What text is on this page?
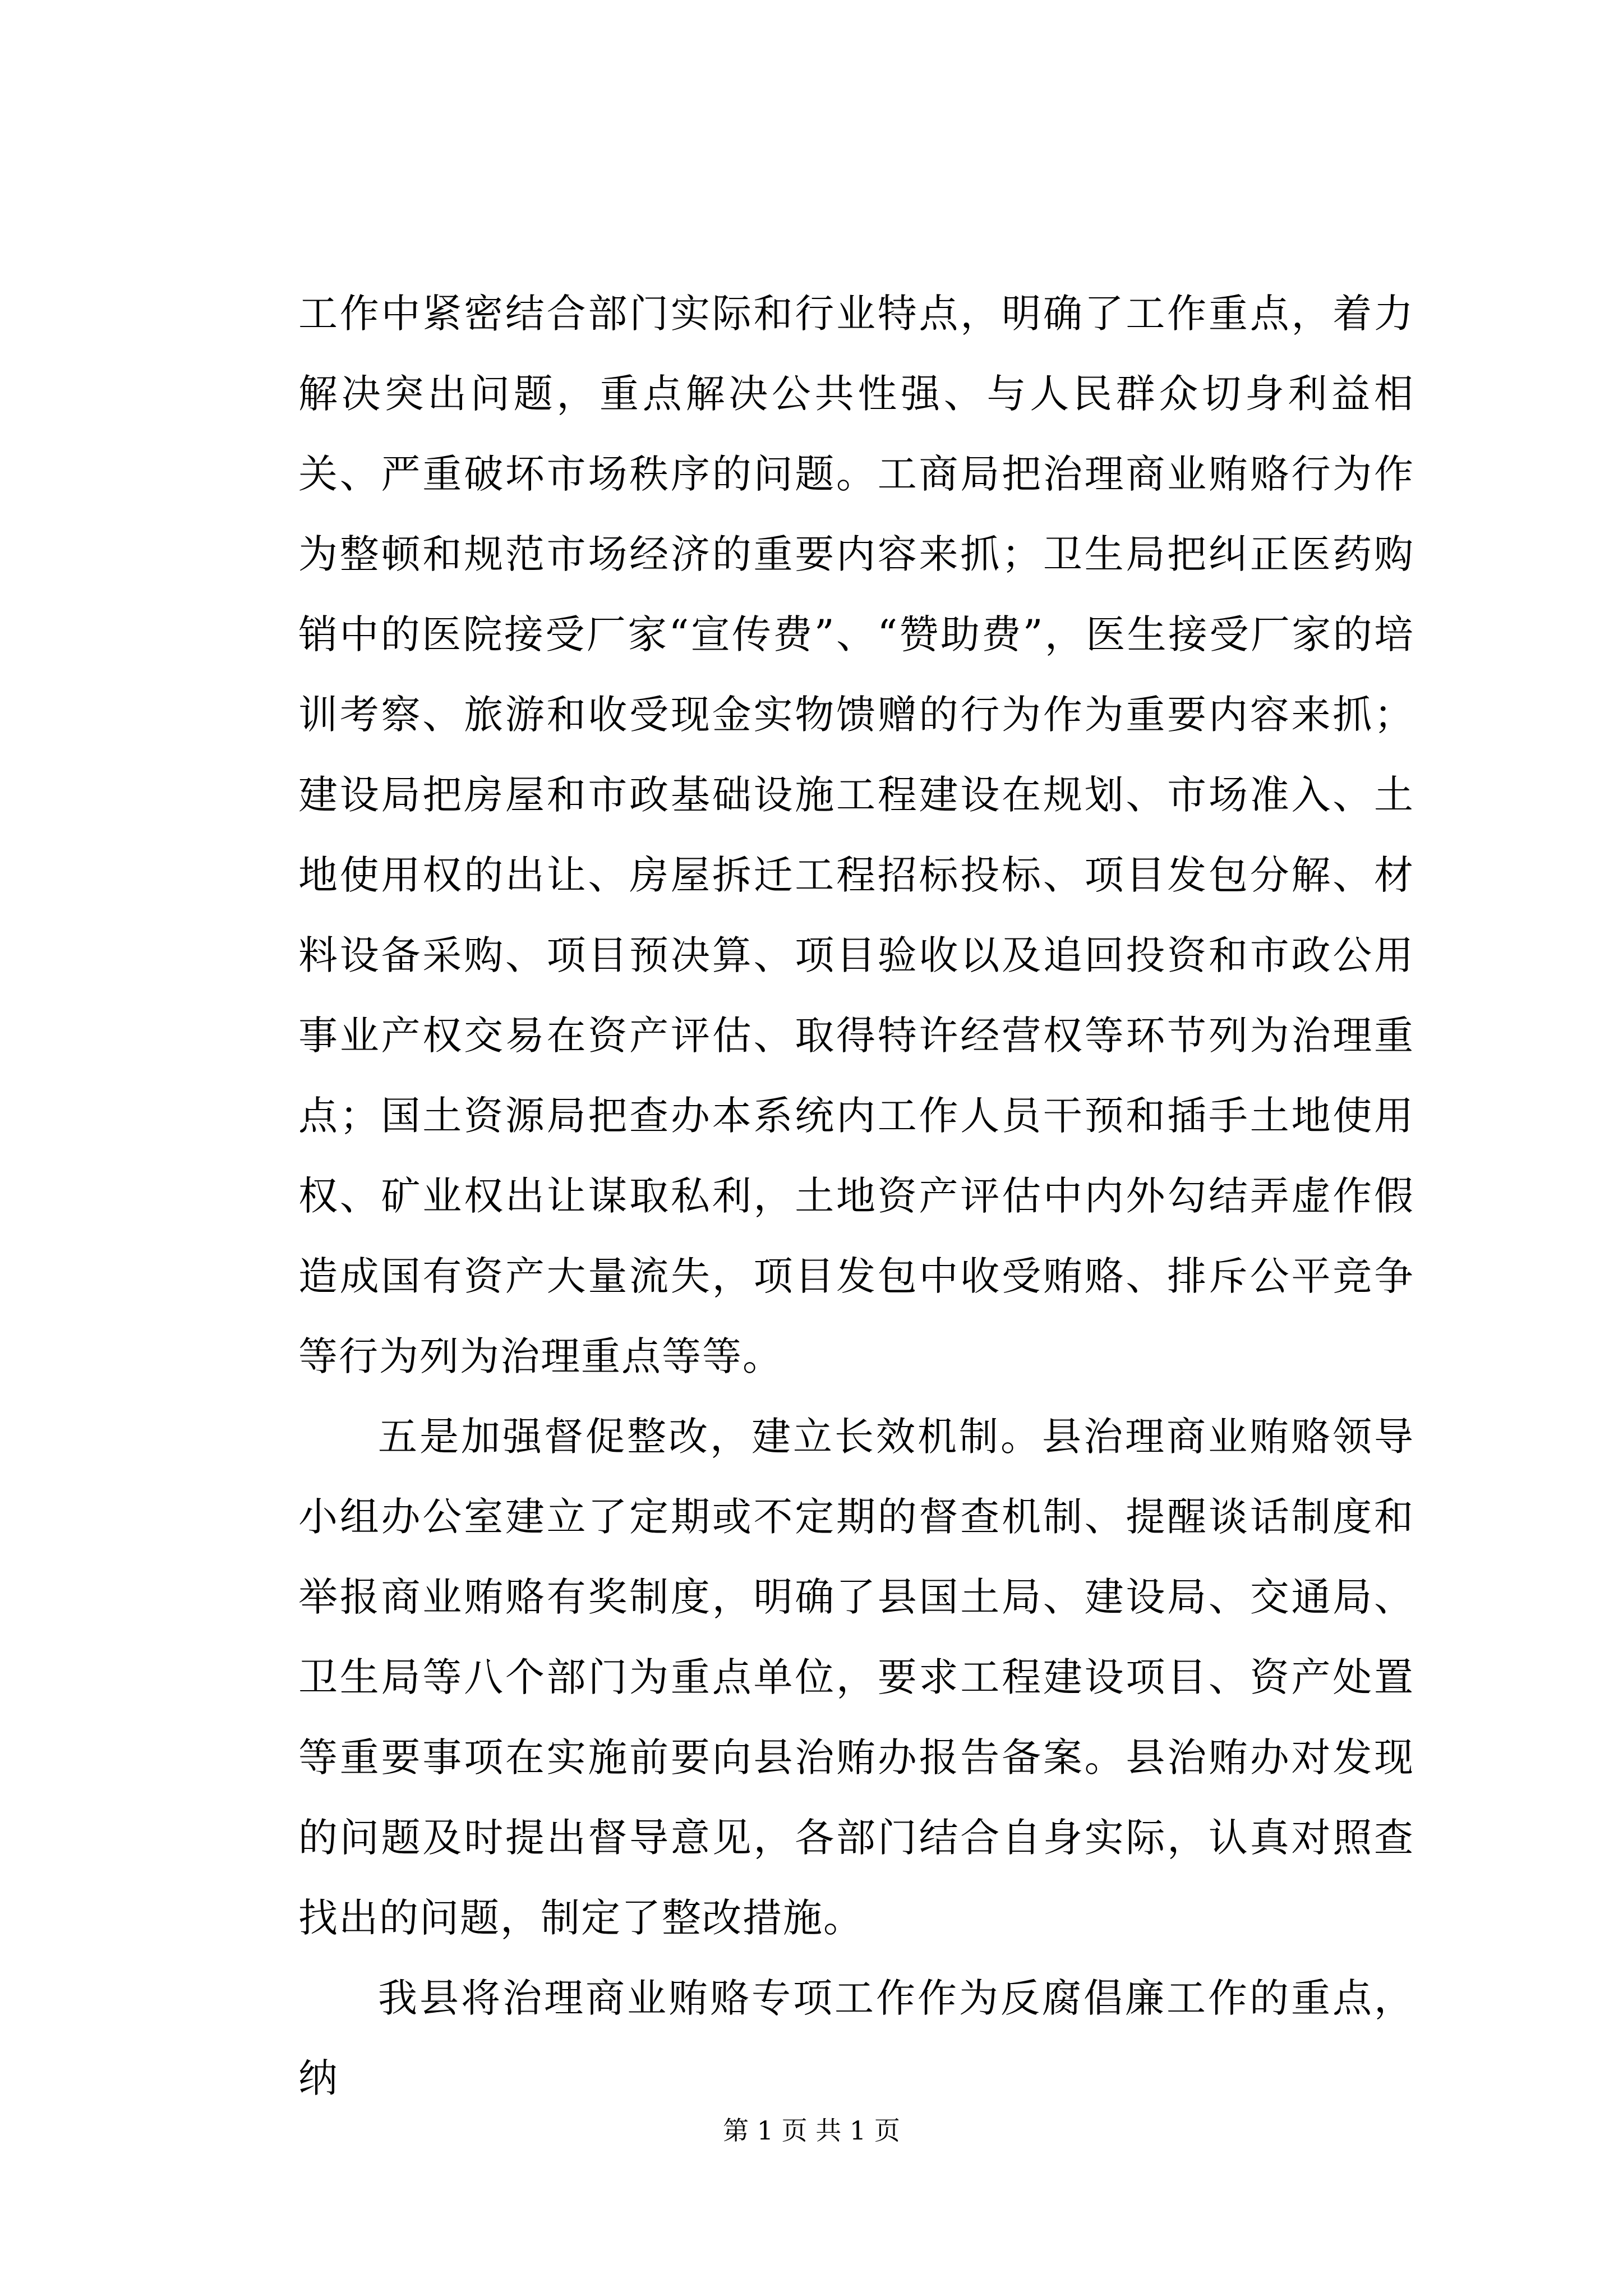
工作中紧密结合部门实际和行业特点，明确了工作重点，着力解决突出问题，重点解决公共性强、与人民群众切身利益相关、严重破坏市场秩序的问题。工商局把治理商业贿赂行为作为整顿和规范市场经济的重要内容来抓；卫生局把纠正医药购销中的医院接受厂家“宣传费”、“赞助费”，医生接受厂家的培训考察、旅游和收受现金实物馈赠的行为作为重要内容来抓；建设局把房屋和市政基础设施工程建设在规划、市场准入、土地使用权的出让、房屋拆迁工程招标投标、项目发包分解、材料设备采购、项目预决算、项目验收以及追回投资和市政公用事业产权交易在资产评估、取得特许经营权等环节列为治理重点；国土资源局把查办本系统内工作人员干预和插手土地使用权、矿业权出让谋取私利，土地资产评估中内外勾结弄虚作假造成国有资产大量流失，项目发包中收受贿赂、排斥公平竞争等行为列为治理重点等等。

五是加强督促整改，建立长效机制。县治理商业贿赂领导小组办公室建立了定期或不定期的督查机制、提醒谈话制度和举报商业贿赂有奖制度，明确了县国土局、建设局、交通局、卫生局等八个部门为重点单位，要求工程建设项目、资产处置等重要事项在实施前要向县治贿办报告备案。县治贿办对发现的问题及时提出督导意见，各部门结合自身实际，认真对照查找出的问题，制定了整改措施。

我县将治理商业贿赂专项工作作为反腐倡廉工作的重点，纳

第 1 页 共 1 页
